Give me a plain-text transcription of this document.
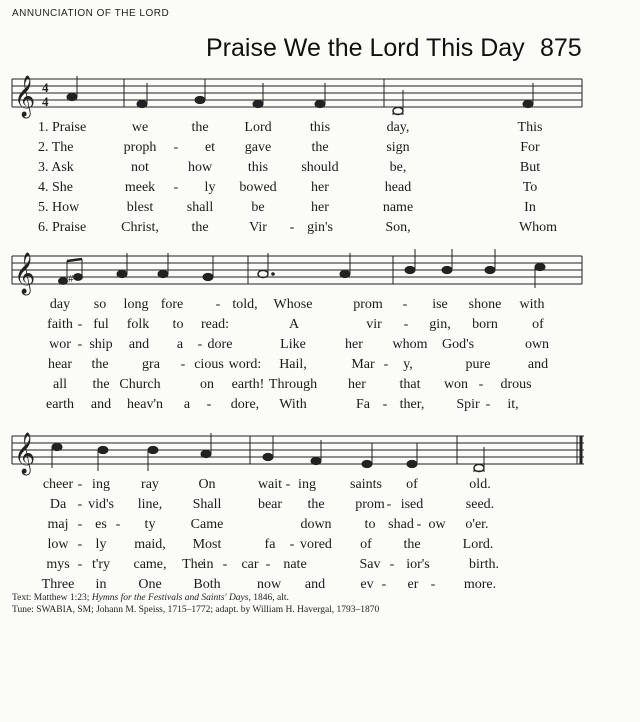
ANNUNCIATION OF THE LORD
Praise We the Lord This Day 875
𝄞 4
4
𝄞	#
𝄞
1. Praise	we	the	Lord	this	day,	This
2. The	proph - et gave	the	sign	For
3. Ask	not	how	this should	be,	But
4. She	meek - ly bowed her	head	To
5. How	blest shall	be	her	name	In
6. Praise Christ, the	Vir - gin's	Son,	Whom
day so long fore - told, Whose	prom - ise shone with
faith - ful folk to read:	A	vir - gin, born of
wor - ship and a - dore	Like	her whom God's	own
hear the gra - cious word: Hail,	Mar - y,	pure	and
all the Church	on earth! Through her that won - drous
earth and heav'n a - dore, With	Fa - ther, Spir - it,
cheer - ing ray	On	wait - ing saints of	old.
Da - vid's line, Shall	bear the prom - ised	seed.
maj - es - ty	Came	down to shad - ow o'er.
low - ly maid, Most	fa - vored of the	Lord.
mys - t'ry came, The
in - car - nate	Sav - ior's	birth.
Three in One Both	now and	ev - er - more.
Text: Matthew 1:23; Hymns for the Festivals and Saints' Days, 1846, alt.
Tune: SWABIA, SM; Johann M. Speiss, 1715–1772; adapt. by William H. Havergal, 1793–1870
